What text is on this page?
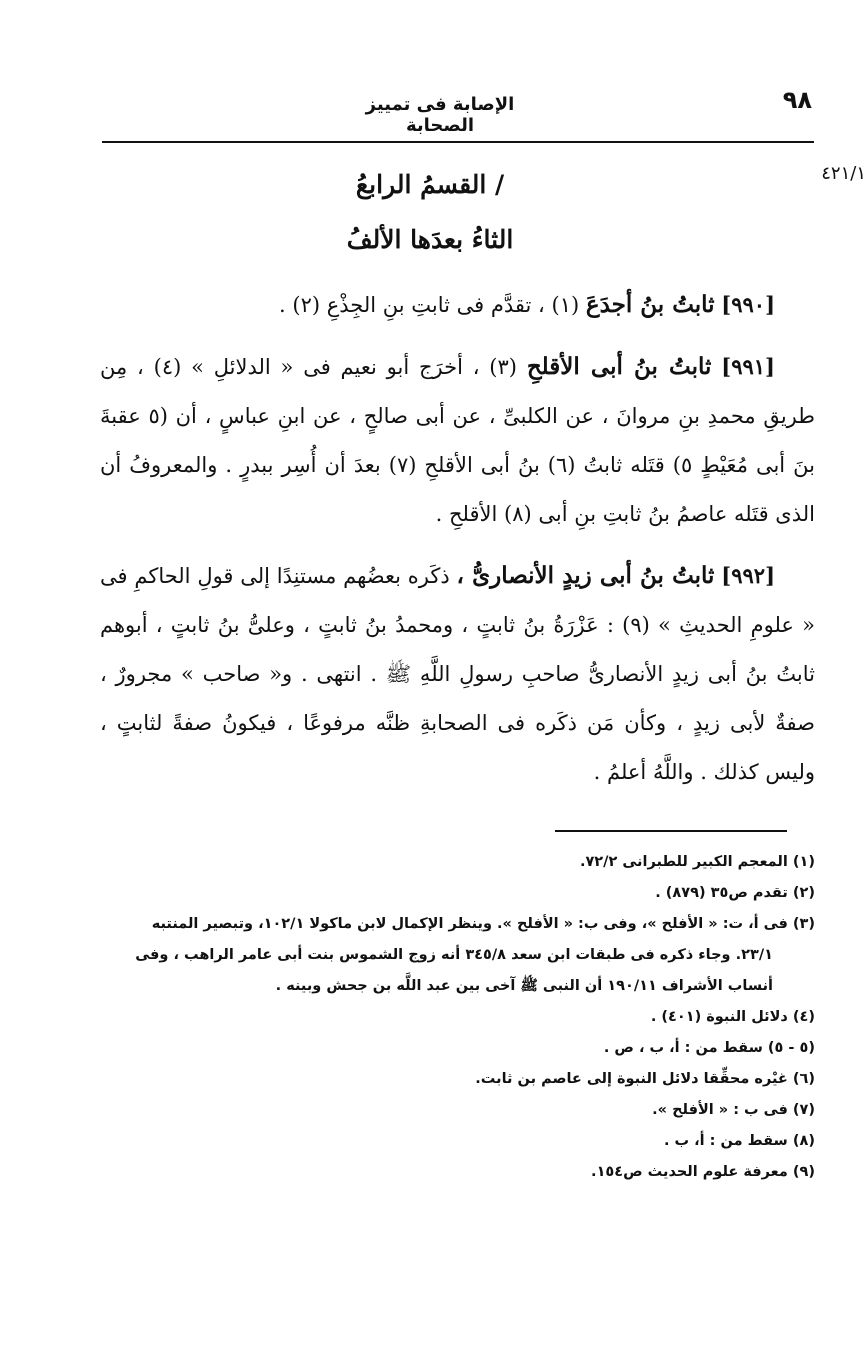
٩٨
الإصابة فى تمييز الصحابة
٤٢١/١
/ القسمُ الرابعُ
الثاءُ بعدَها الألفُ

[٩٩٠] ثابتُ بنُ أجدَعَ (١) ، تقدَّم فى ثابتِ بنِ الجِذْعِ (٢) .

[٩٩١] ثابتُ بنُ أبى الأقلحِ (٣) ، أخرَج أبو نعيم فى « الدلائلِ » (٤) ، مِن طريقِ محمدِ بنِ مروانَ ، عن الكلبىِّ ، عن أبى صالحٍ ، عن ابنِ عباسٍ ، أن (٥ عقبةَ بنَ أبى مُعَيْطٍ ٥) قتَله ثابتُ (٦) بنُ أبى الأقلحِ (٧) بعدَ أن أُسِر ببدرٍ . والمعروفُ أن الذى قتَله عاصمُ بنُ ثابتِ بنِ أبى (٨) الأقلحِ .

[٩٩٢] ثابتُ بنُ أبى زيدٍ الأنصارىُّ ، ذكَره بعضُهم مستنِدًا إلى قولِ الحاكمِ فى « علومِ الحديثِ » (٩) : عَزْرَةُ بنُ ثابتٍ ، ومحمدُ بنُ ثابتٍ ، وعلىُّ بنُ ثابتٍ ، أبوهم ثابتُ بنُ أبى زيدٍ الأنصارىُّ صاحبِ رسولِ اللَّهِ ﷺ . انتهى . و« صاحب » مجرورٌ ، صفةٌ لأبى زيدٍ ، وكأن مَن ذكَره فى الصحابةِ ظنَّه مرفوعًا ، فيكونُ صفةً لثابتٍ ، وليس كذلك . واللَّهُ أعلمُ .

(١) المعجم الكبير للطبرانى ٧٢/٢.

(٢) تقدم ص٣٥ (٨٧٩) .

(٣) فى أ، ت: « الأفلح »، وفى ب: « الأفلح ». وينظر الإكمال لابن ماكولا ١٠٢/١، وتبصير المنتبه

٢٣/١. وجاء ذكره فى طبقات ابن سعد ٣٤٥/٨ أنه زوج الشموس بنت أبى عامر الراهب ، وفى

أنساب الأشراف ١٩٠/١١ أن النبى ﷺ آخى بين عبد اللَّه بن جحش وبينه .

(٤) دلائل النبوة (٤٠١) .

(٥ - ٥) سقط من : أ، ب ، ص .

(٦) غيْره محقِّقا دلائل النبوة إلى عاصم بن ثابت.

(٧) فى ب : « الأفلح ».

(٨) سقط من : أ، ب .

(٩) معرفة علوم الحديث ص١٥٤.
